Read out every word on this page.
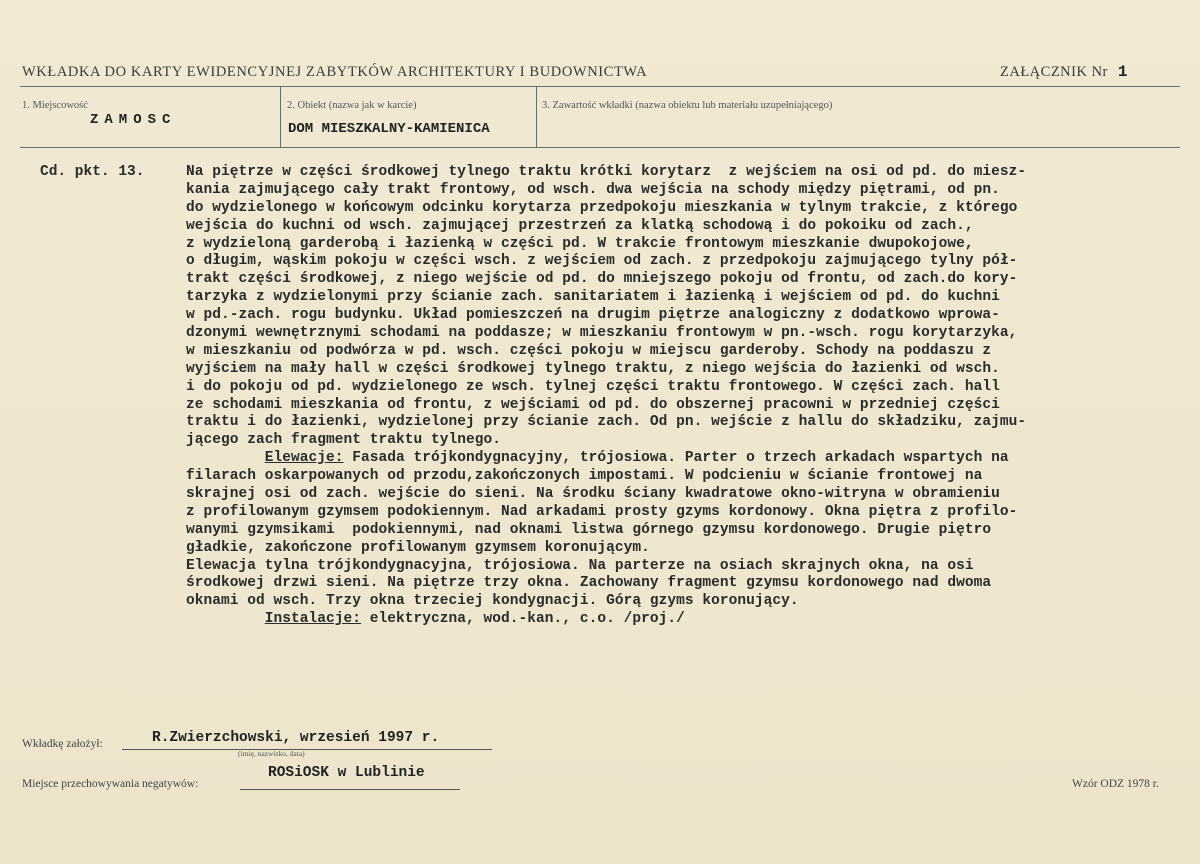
WKŁADKA DO KARTY EWIDENCYJNEJ ZABYTKÓW ARCHITEKTURY I BUDOWNICTWA	ZAŁĄCZNIK Nr 1
1. Miejscowość
ZAMOSC
2. Obiekt (nazwa jak w karcie)
DOM MIESZKALNY-KAMIENICA
3. Zawartość wkładki (nazwa obiektu lub materiału uzupełniającego)
Cd. pkt. 13.	Na piętrze w części środkowej tylnego traktu krótki korytarz  z wejściem na osi od pd. do miesz-
kania zajmującego cały trakt frontowy, od wsch. dwa wejścia na schody między piętrami, od pn.
do wydzielonego w końcowym odcinku korytarza przedpokoju mieszkania w tylnym trakcie, z którego
wejścia do kuchni od wsch. zajmującej przestrzeń za klatką schodową i do pokoiku od zach.,
z wydzieloną garderobą i łazienką w części pd. W trakcie frontowym mieszkanie dwupokojowe,
o długim, wąskim pokoju w części wsch. z wejściem od zach. z przedpokoju zajmującego tylny pół-
trakt części środkowej, z niego wejście od pd. do mniejszego pokoju od frontu, od zach.do kory-
tarzyka z wydzielonymi przy ścianie zach. sanitariatem i łazienką i wejściem od pd. do kuchni
w pd.-zach. rogu budynku. Układ pomieszczeń na drugim piętrze analogiczny z dodatkowo wprowa-
dzonymi wewnętrznymi schodami na poddasze; w mieszkaniu frontowym w pn.-wsch. rogu korytarzyka,
w mieszkaniu od podwórza w pd. wsch. części pokoju w miejscu garderoby. Schody na poddaszu z
wyjściem na mały hall w części środkowej tylnego traktu, z niego wejścia do łazienki od wsch.
i do pokoju od pd. wydzielonego ze wsch. tylnej części traktu frontowego. W części zach. hall
ze schodami mieszkania od frontu, z wejściami od pd. do obszernej pracowni w przedniej części
traktu i do łazienki, wydzielonej przy ścianie zach. Od pn. wejście z hallu do składziku, zajmu-
jącego zach fragment traktu tylnego.
Elewacje: Fasada trójkondygnacyjny, trójosiowa. Parter o trzech arkadach wspartych na
filarach oskarpowanych od przodu,zakończonych impostami. W podcieniu w ścianie frontowej na
skrajnej osi od zach. wejście do sieni. Na środku ściany kwadratowe okno-witryna w obramieniu
z profilowanym gzymsem podokiennym. Nad arkadami prosty gzyms kordonowy. Okna piętra z profilo-
wanymi gzymsikami  podokiennymi, nad oknami listwa górnego gzymsu kordonowego. Drugie piętro
gładkie, zakończone profilowanym gzymsem koronującym.
Elewacja tylna trójkondygnacyjna, trójosiowa. Na parterze na osiach skrajnych okna, na osi
środkowej drzwi sieni. Na piętrze trzy okna. Zachowany fragment gzymsu kordonowego nad dwoma
oknami od wsch. Trzy okna trzeciej kondygnacji. Górą gzyms koronujący.
Instalacje: elektryczna, wod.-kan., c.o. /proj./
Wkładkę założył:	R.Zwierzchowski, wrzesień 1997 r.
(imię, nazwisko, data)
Miejsce przechowywania negatywów:
ROSiOSK w Lublinie
Wzór ODZ 1978 r.
